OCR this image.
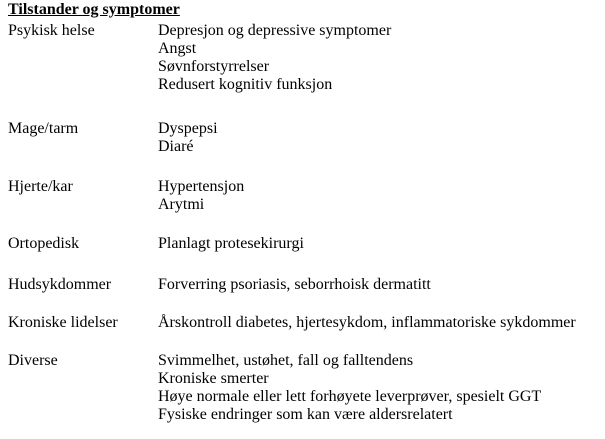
Tilstander og symptomer
Psykisk helse	Depresjon og depressive symptomer
Angst
Søvnforstyrrelser
Redusert kognitiv funksjon
Mage/tarm	Dyspepsi
Diaré
Hjerte/kar	Hypertensjon
Arytmi
Ortopedisk	Planlagt protesekirurgi
Hudsykdommer	Forverring psoriasis, seborrhoisk dermatitt
Kroniske lidelser	Årskontroll diabetes, hjertesykdom, inflammatoriske sykdommer
Diverse	Svimmelhet, ustøhet, fall og falltendens
Kroniske smerter
Høye normale eller lett forhøyete leverprøver, spesielt GGT
Fysiske endringer som kan være aldersrelatert
